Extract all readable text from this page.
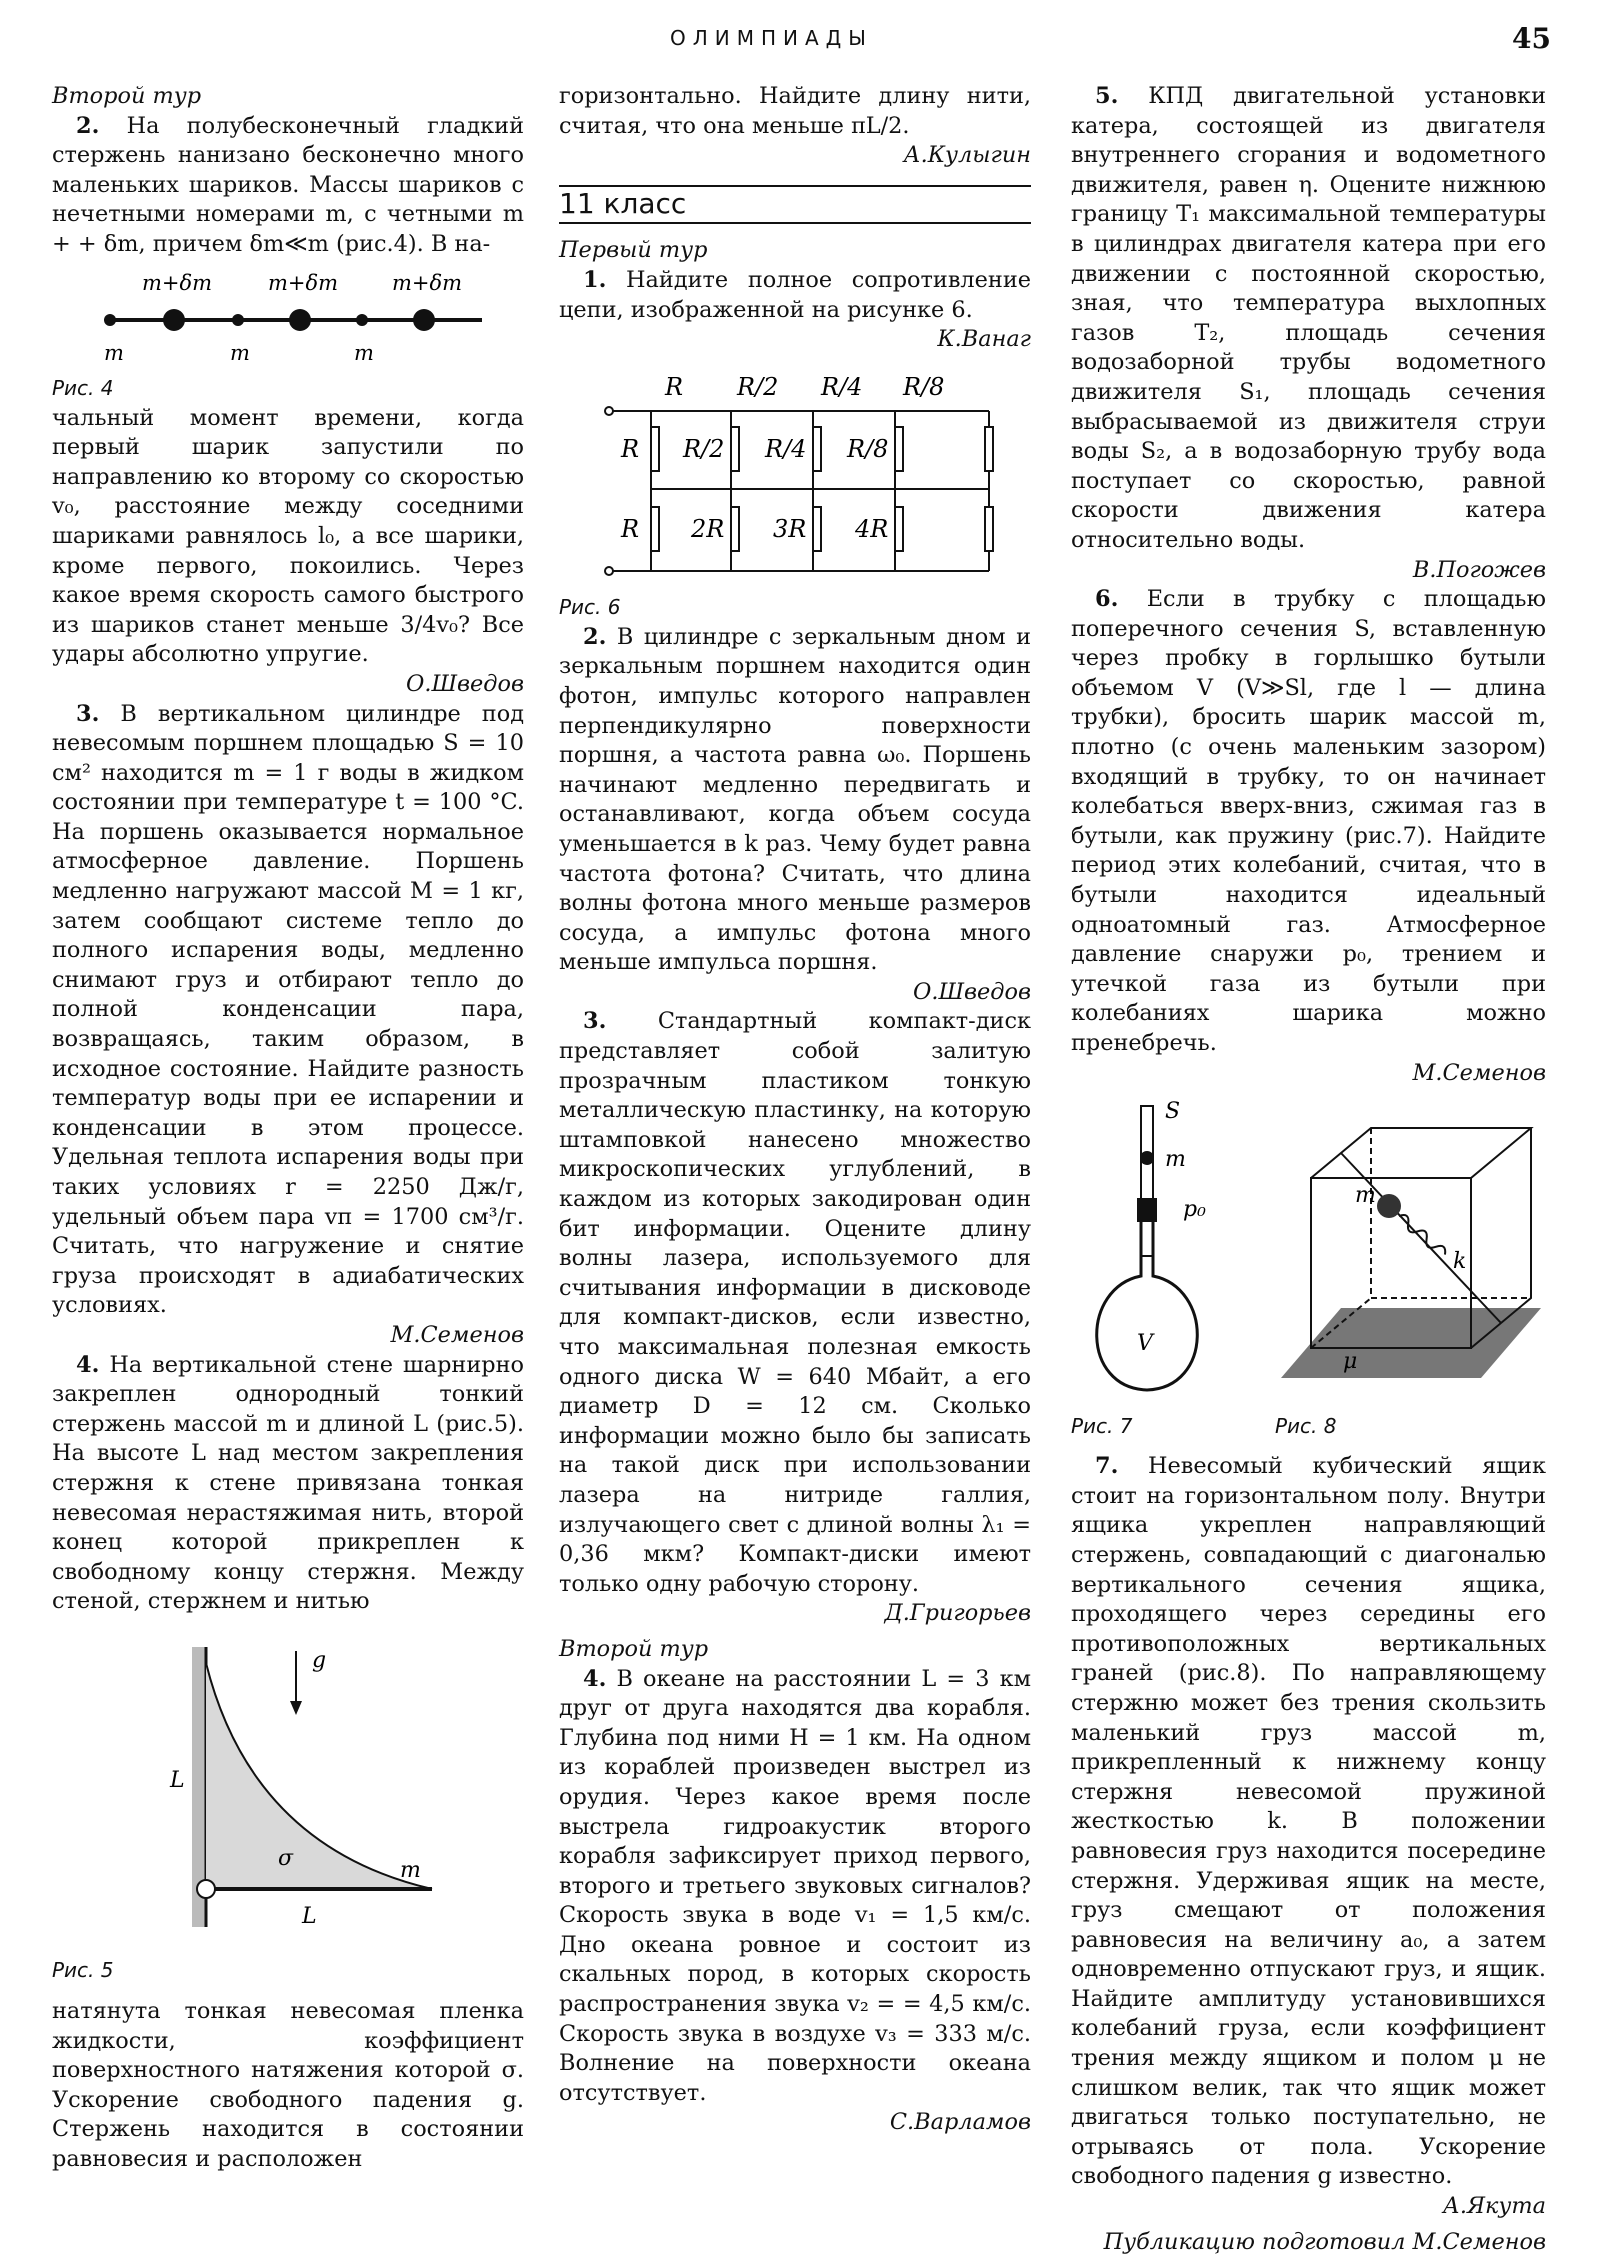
ОЛИМПИАДЫ	45

Второй тур

2. На полубесконечный гладкий стержень нанизано бесконечно много маленьких шариков. Массы шариков с нечетными номерами m, с четными m + + δm, причем δm≪m (рис.4). В на-

m+δm	m+δm	m+δm
m	m	m
Рис. 4

чальный момент времени, когда первый шарик запустили по направлению ко второму со скоростью v₀, расстояние между соседними шариками равнялось l₀, а все шарики, кроме первого, покоились. Через какое время скорость самого быстрого из шариков станет меньше 3/4v₀? Все удары абсолютно упругие.

О.Шведов

3. В вертикальном цилиндре под невесомым поршнем площадью S = 10 см² находится m = 1 г воды в жидком состоянии при температуре t = 100 °C. На поршень оказывается нормальное атмосферное давление. Поршень медленно нагружают массой M = 1 кг, затем сообщают системе тепло до полного испарения воды, медленно снимают груз и отбирают тепло до полной конденсации пара, возвращаясь, таким образом, в исходное состояние. Найдите разность температур воды при ее испарении и конденсации в этом процессе. Удельная теплота испарения воды при таких условиях r = 2250 Дж/г, удельный объем пара vп = 1700 см³/г. Считать, что нагружение и снятие груза происходят в адиабатических условиях.

М.Семенов

4. На вертикальной стене шарнирно закреплен однородный тонкий стержень массой m и длиной L (рис.5). На высоте L над местом закрепления стержня к стене привязана тонкая невесомая нерастяжимая нить, второй конец которой прикреплен к свободному концу стержня. Между стеной, стержнем и нитью

g
L
σ	m
L
Рис. 5

натянута тонкая невесомая пленка жидкости, коэффициент поверхностного натяжения которой σ. Ускорение свободного падения g. Стержень находится в состоянии равновесия и расположен

горизонтально. Найдите длину нити, считая, что она меньше πL/2.

А.Кулыгин

11 класс

Первый тур

1. Найдите полное сопротивление цепи, изображенной на рисунке 6.

К.Ванаг

R R/2 R/4 R/8
R R/2 R/4 R/8
R 2R 3R 4R
Рис. 6

2. В цилиндре с зеркальным дном и зеркальным поршнем находится один фотон, импульс которого направлен перпендикулярно поверхности поршня, а частота равна ω₀. Поршень начинают медленно передвигать и останавливают, когда объем сосуда уменьшается в k раз. Чему будет равна частота фотона? Считать, что длина волны фотона много меньше размеров сосуда, а импульс фотона много меньше импульса поршня.

О.Шведов

3. Стандартный компакт-диск представляет собой залитую прозрачным пластиком тонкую металлическую пластинку, на которую штамповкой нанесено множество микроскопических углублений, в каждом из которых закодирован один бит информации. Оцените длину волны лазера, используемого для считывания информации в дисководе для компакт-дисков, если известно, что максимальная полезная емкость одного диска W = 640 Мбайт, а его диаметр D = 12 см. Сколько информации можно было бы записать на такой диск при использовании лазера на нитриде галлия, излучающего свет с длиной волны λ₁ = 0,36 мкм? Компакт-диски имеют только одну рабочую сторону.

Д.Григорьев

Второй тур

4. В океане на расстоянии L = 3 км друг от друга находятся два корабля. Глубина под ними H = 1 км. На одном из кораблей произведен выстрел из орудия. Через какое время после выстрела гидроакустик второго корабля зафиксирует приход первого, второго и третьего звуковых сигналов? Скорость звука в воде v₁ = 1,5 км/с. Дно океана ровное и состоит из скальных пород, в которых скорость распространения звука v₂ = = 4,5 км/с. Скорость звука в воздухе v₃ = 333 м/с. Волнение на поверхности океана отсутствует.

С.Варламов

5. КПД двигательной установки катера, состоящей из двигателя внутреннего сгорания и водометного движителя, равен η. Оцените нижнюю границу T₁ максимальной температуры в цилиндрах двигателя катера при его движении с постоянной скоростью, зная, что температура выхлопных газов T₂, площадь сечения водозаборной трубы водометного движителя S₁, площадь сечения выбрасываемой из движителя струи воды S₂, а в водозаборную трубу вода поступает со скоростью, равной скорости движения катера относительно воды.

В.Погожев

6. Если в трубку с площадью поперечного сечения S, вставленную через пробку в горлышко бутыли объемом V (V≫Sl, где l — длина трубки), бросить шарик массой m, плотно (с очень маленьким зазором) входящий в трубку, то он начинает колебаться вверх-вниз, сжимая газ в бутыли, как пружину (рис.7). Найдите период этих колебаний, считая, что в бутыли находится идеальный одноатомный газ. Атмосферное давление снаружи p₀, трением и утечкой газа из бутыли при колебаниях шарика можно пренебречь.

М.Семенов

S
m
p₀
V
m
k
μ
Рис. 7	Рис. 8

7. Невесомый кубический ящик стоит на горизонтальном полу. Внутри ящика укреплен направляющий стержень, совпадающий с диагональю вертикального сечения ящика, проходящего через середины его противоположных вертикальных граней (рис.8). По направляющему стержню может без трения скользить маленький груз массой m, прикрепленный к нижнему концу стержня невесомой пружиной жесткостью k. В положении равновесия груз находится посередине стержня. Удерживая ящик на месте, груз смещают от положения равновесия на величину a₀, а затем одновременно отпускают груз, и ящик. Найдите амплитуду установившихся колебаний груза, если коэффициент трения между ящиком и полом μ не слишком велик, так что ящик может двигаться только поступательно, не отрываясь от пола. Ускорение свободного падения g известно.

А.Якута

Публикацию подготовил М.Семенов
